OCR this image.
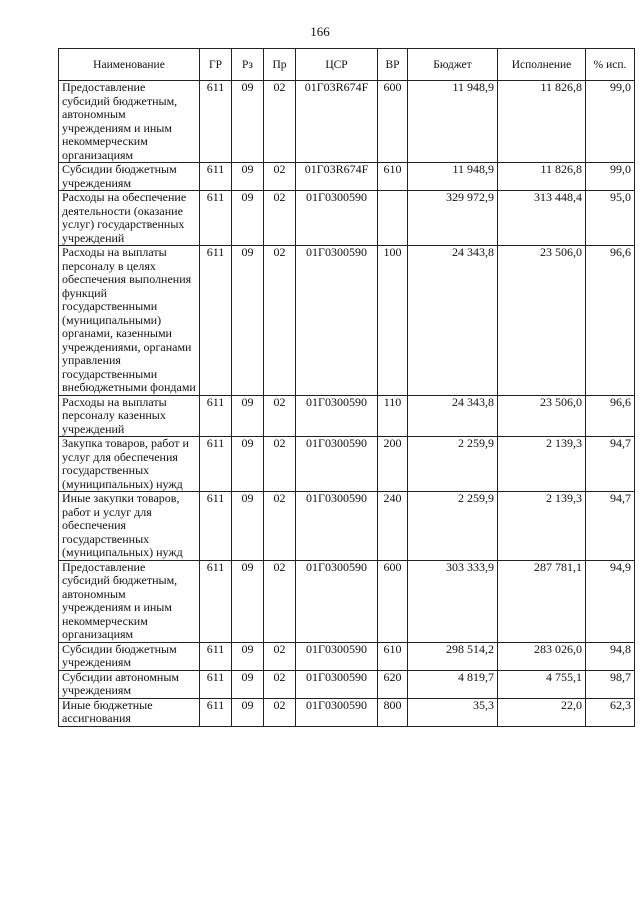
166
Наименование	ГР	Рз	Пр	ЦСР	ВР	Бюджет	Исполнение	% исп.
Предоставление субсидий бюджетным, автономным учреждениям и иным некоммерческим организациям	611	09	02	01Г03R674F	600	11 948,9	11 826,8	99,0
Субсидии бюджетным учреждениям	611	09	02	01Г03R674F	610	11 948,9	11 826,8	99,0
Расходы на обеспечение деятельности (оказание услуг) государственных учреждений	611	09	02	01Г0300590		329 972,9	313 448,4	95,0
Расходы на выплаты персоналу в целях обеспечения выполнения функций государственными (муниципальными) органами, казенными учреждениями, органами управления государственными внебюджетными фондами	611	09	02	01Г0300590	100	24 343,8	23 506,0	96,6
Расходы на выплаты персоналу казенных учреждений	611	09	02	01Г0300590	110	24 343,8	23 506,0	96,6
Закупка товаров, работ и услуг для обеспечения государственных (муниципальных) нужд	611	09	02	01Г0300590	200	2 259,9	2 139,3	94,7
Иные закупки товаров, работ и услуг для обеспечения государственных (муниципальных) нужд	611	09	02	01Г0300590	240	2 259,9	2 139,3	94,7
Предоставление субсидий бюджетным, автономным учреждениям и иным некоммерческим организациям	611	09	02	01Г0300590	600	303 333,9	287 781,1	94,9
Субсидии бюджетным учреждениям	611	09	02	01Г0300590	610	298 514,2	283 026,0	94,8
Субсидии автономным учреждениям	611	09	02	01Г0300590	620	4 819,7	4 755,1	98,7
Иные бюджетные ассигнования	611	09	02	01Г0300590	800	35,3	22,0	62,3
